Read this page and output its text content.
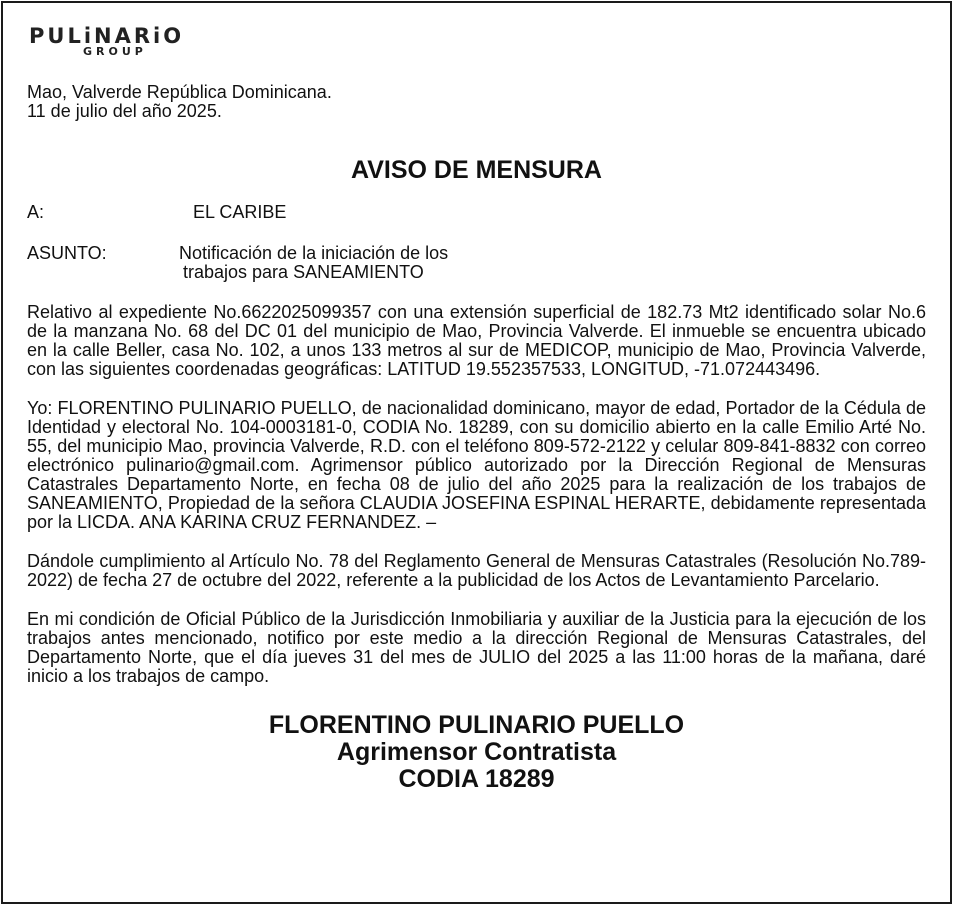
PULiNARiO
GROUP
Mao, Valverde República Dominicana.
11 de julio del año 2025.
AVISO DE MENSURA
A:	EL CARIBE
ASUNTO:	Notificación de la iniciación de los
trabajos para SANEAMIENTO

Relativo al expediente No.6622025099357 con una extensión superficial de 182.73 Mt2 identificado solar No.6 de la manzana No. 68 del DC 01 del municipio de Mao, Provincia Valverde. El inmueble se encuentra ubicado en la calle Beller, casa No. 102, a unos 133 metros al sur de MEDICOP, municipio de Mao, Provincia Valverde, con las siguientes coordenadas geográficas: LATITUD 19.552357533, LONGITUD, -71.072443496.

Yo: FLORENTINO PULINARIO PUELLO, de nacionalidad dominicano, mayor de edad, Portador de la Cédula de Identidad y electoral No. 104-0003181-0, CODIA No. 18289, con su domicilio abierto en la calle Emilio Arté No. 55, del municipio Mao, provincia Valverde, R.D. con el teléfono 809-572-2122 y celular 809-841-8832 con correo electrónico pulinario@gmail.com. Agrimensor público autorizado por la Dirección Regional de Mensuras Catastrales Departamento Norte, en fecha 08 de julio del año 2025 para la realización de los trabajos de SANEAMIENTO, Propiedad de la señora CLAUDIA JOSEFINA ESPINAL HERARTE, debidamente representada por la LICDA. ANA KARINA CRUZ FERNANDEZ. –

Dándole cumplimiento al Artículo No. 78 del Reglamento General de Mensuras Catastrales (Resolución No.789-2022) de fecha 27 de octubre del 2022, referente a la publicidad de los Actos de Levantamiento Parcelario.

En mi condición de Oficial Público de la Jurisdicción Inmobiliaria y auxiliar de la Justicia para la ejecución de los trabajos antes mencionado, notifico por este medio a la dirección Regional de Mensuras Catastrales, del Departamento Norte, que el día jueves 31 del mes de JULIO del 2025 a las 11:00 horas de la mañana, daré inicio a los trabajos de campo.

FLORENTINO PULINARIO PUELLO
Agrimensor Contratista
CODIA 18289
